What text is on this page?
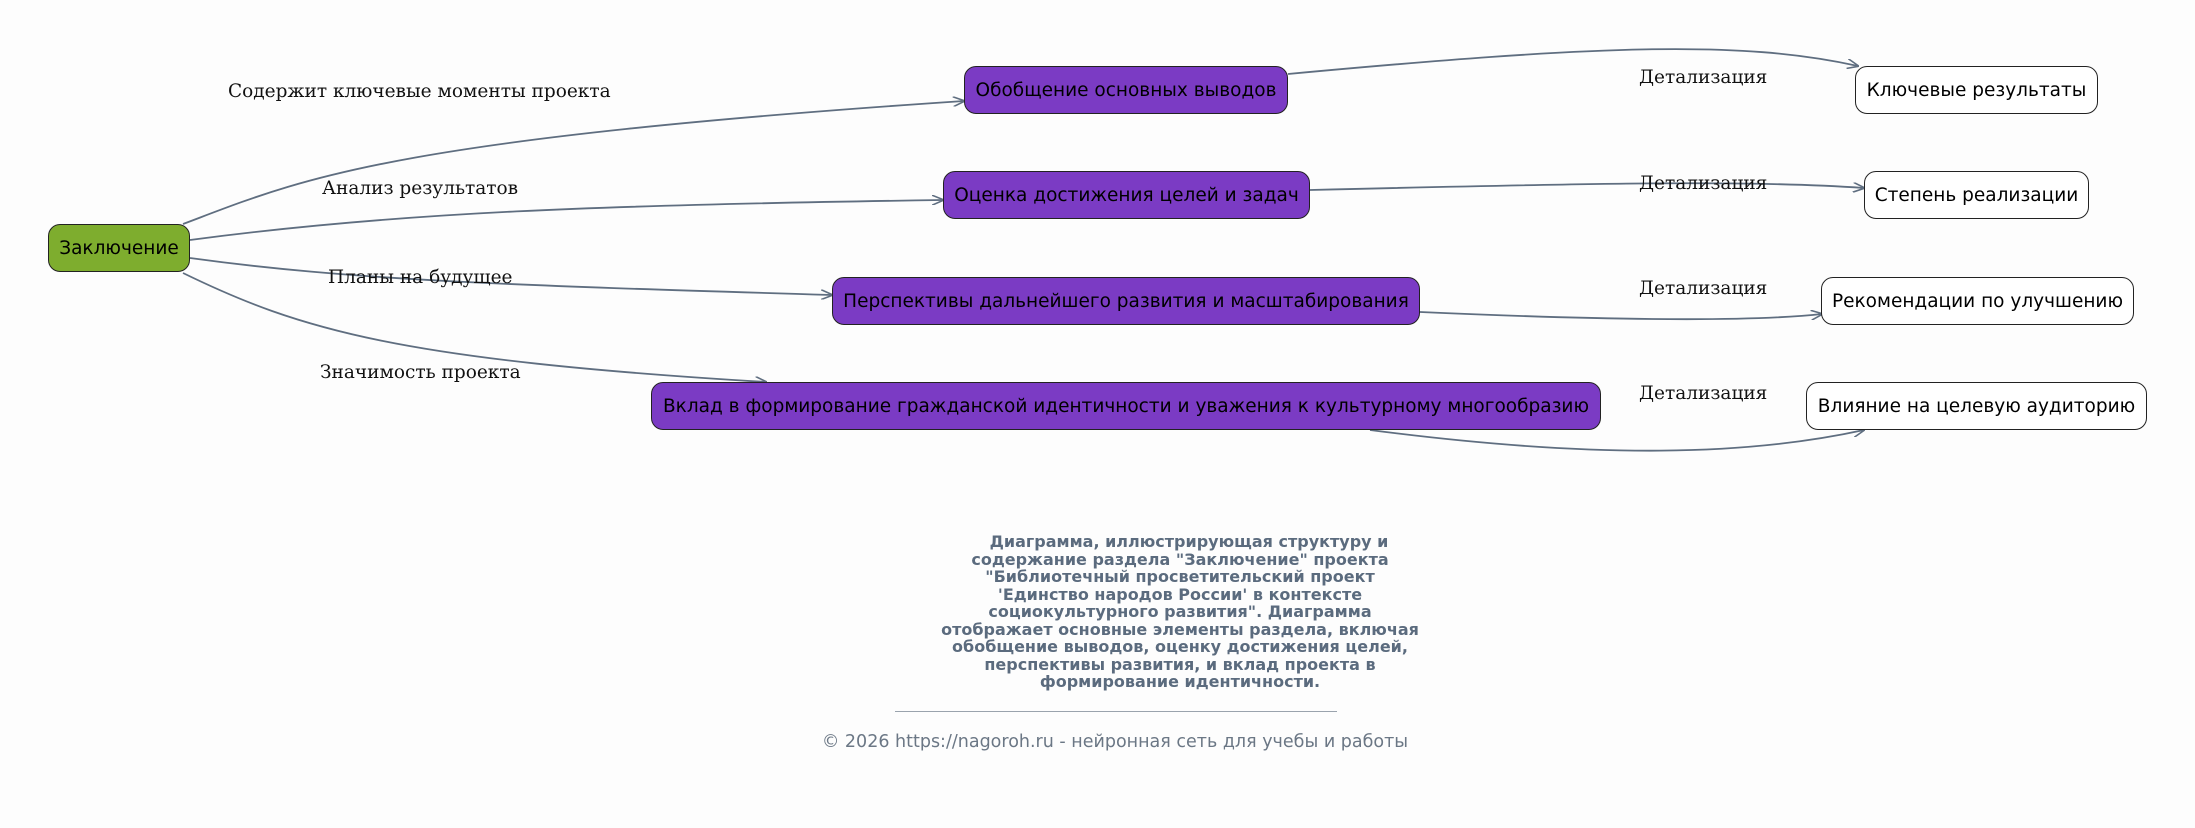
Содержит ключевые моменты проекта
Анализ результатов
Планы на будущее
Значимость проекта
Детализация
Детализация
Детализация
Детализация
Заключение
Обобщение основных выводов
Оценка достижения целей и задач
Перспективы дальнейшего развития и масштабирования
Вклад в формирование гражданской идентичности и уважения к культурному многообразию
Ключевые результаты
Степень реализации
Рекомендации по улучшению
Влияние на целевую аудиторию
Диаграмма, иллюстрирующая структуру и
содержание раздела "Заключение" проекта
"Библиотечный просветительский проект
'Единство народов России' в контексте
социокультурного развития". Диаграмма
отображает основные элементы раздела, включая
обобщение выводов, оценку достижения целей,
перспективы развития, и вклад проекта в
формирование идентичности.
© 2026 https://nagoroh.ru - нейронная сеть для учебы и работы
